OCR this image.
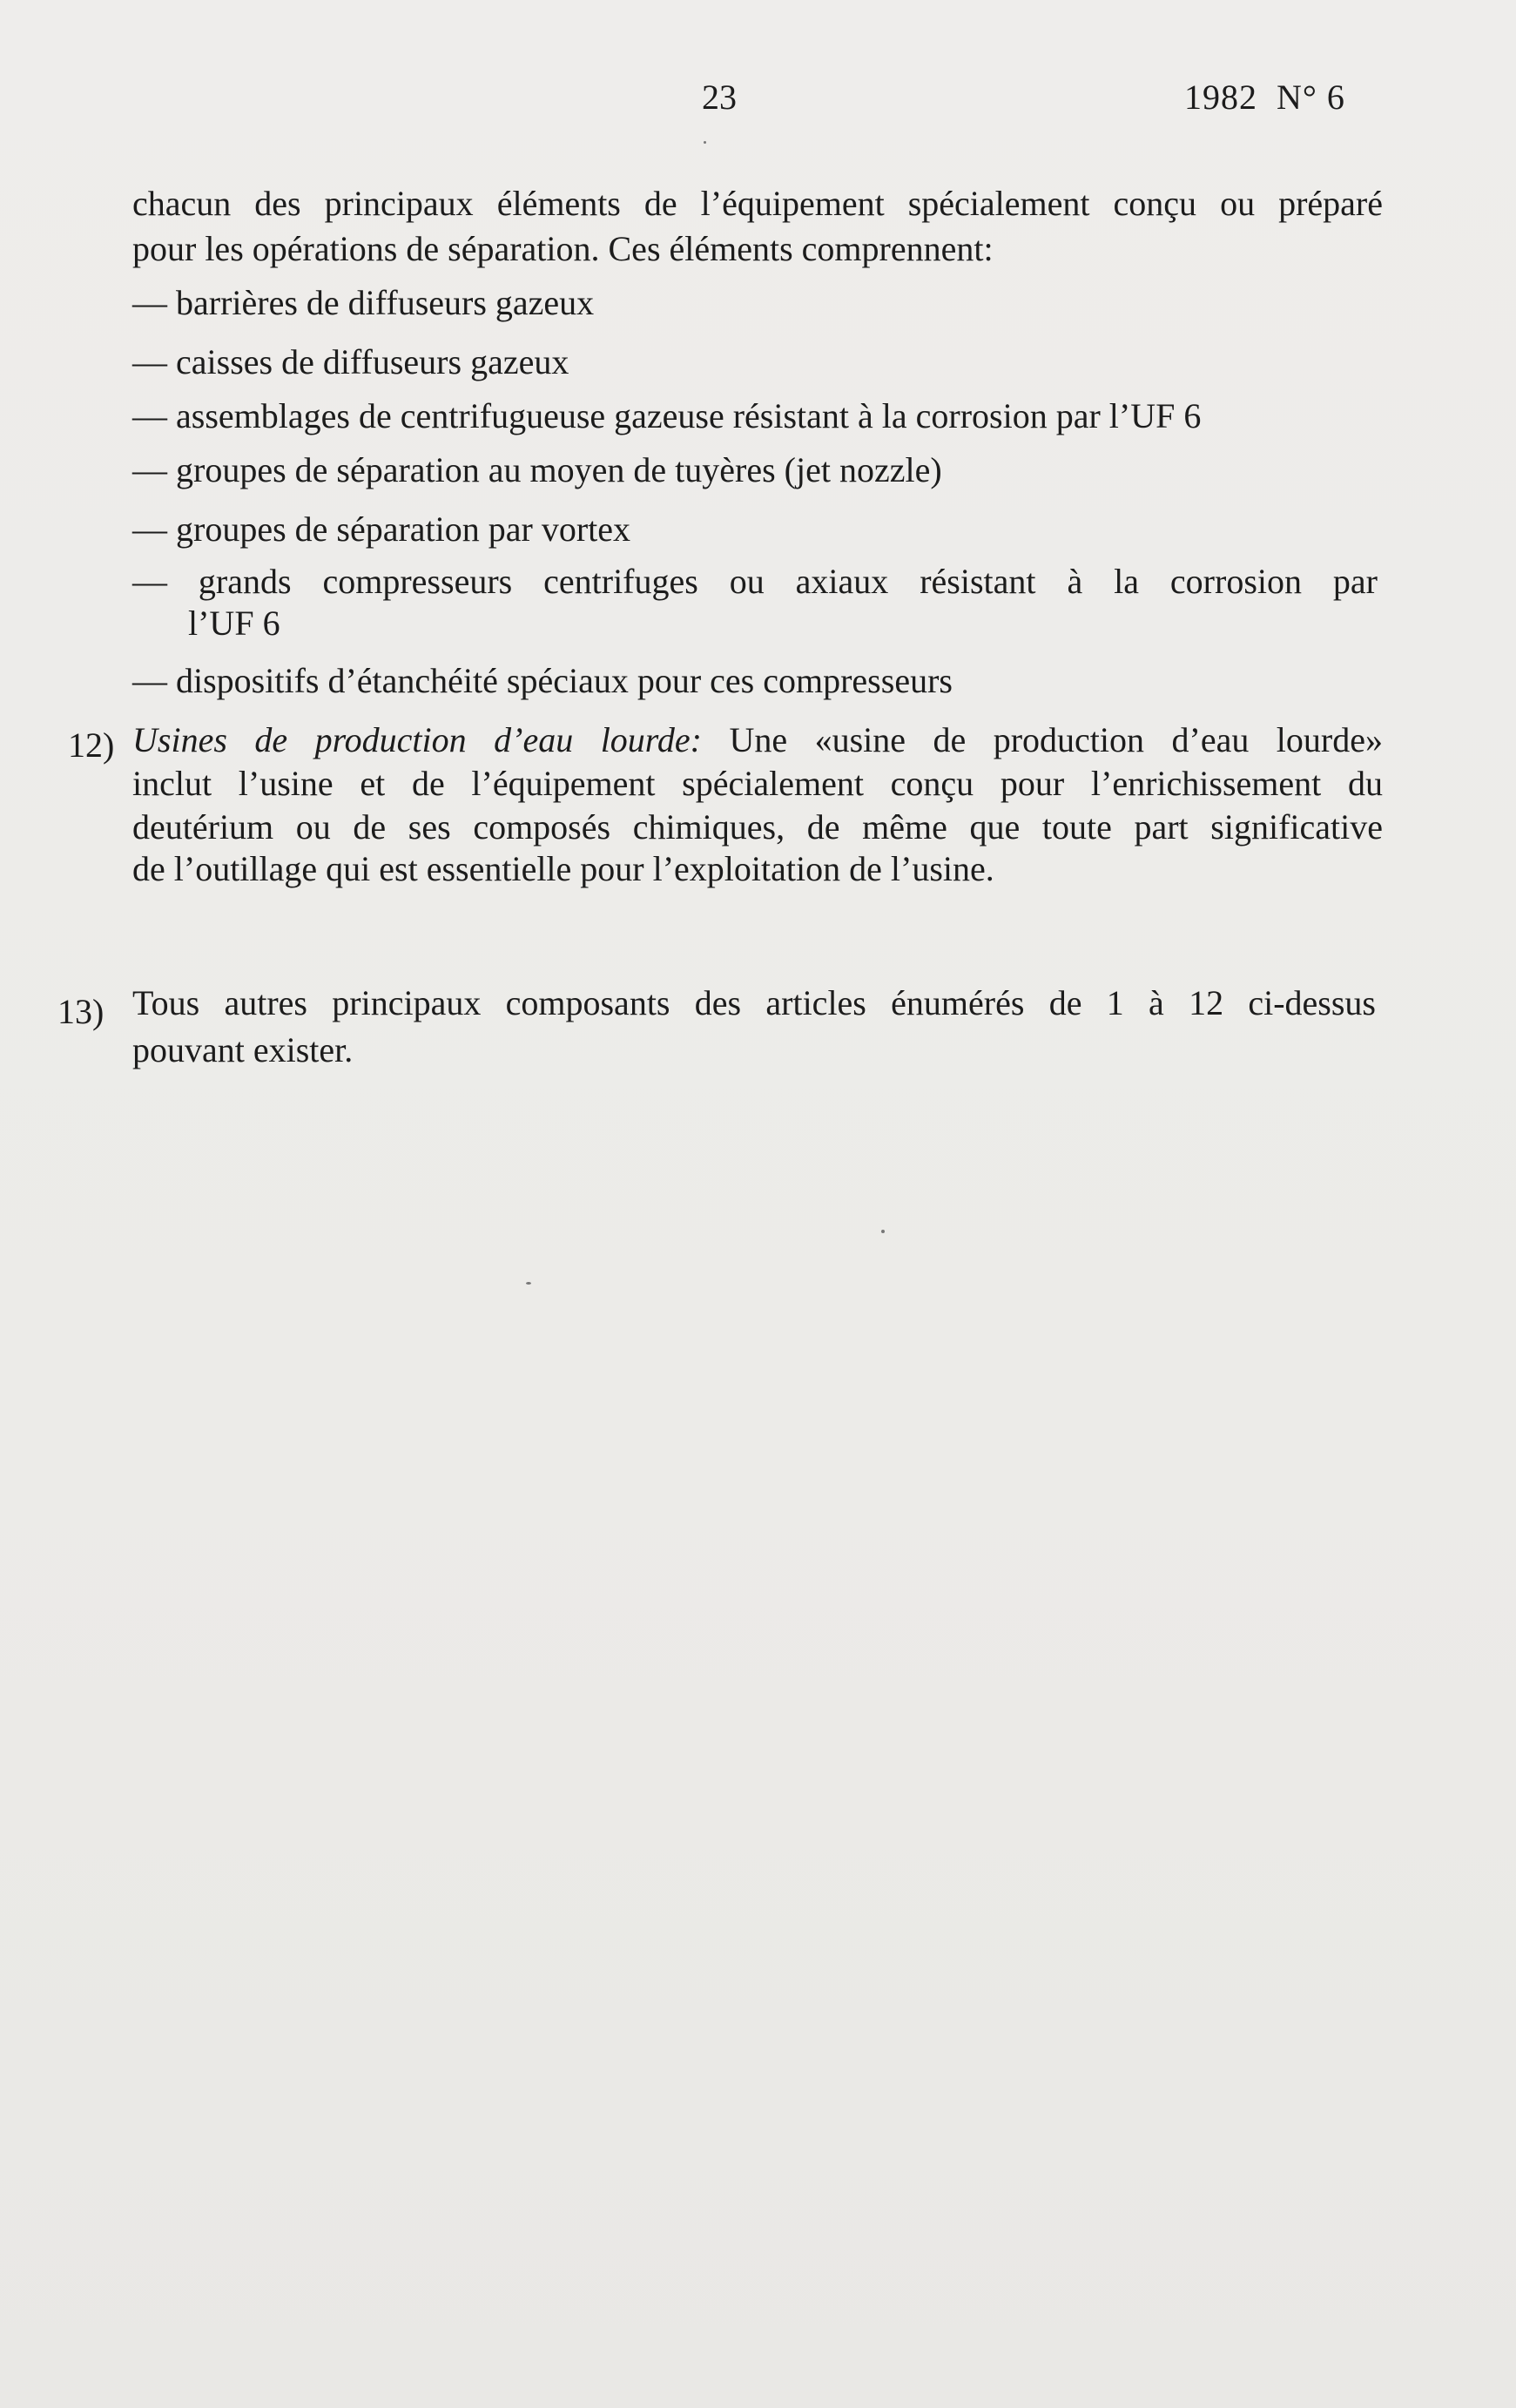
23	1982  N° 6
chacun des principaux éléments de l’équipement spécialement conçu ou préparé
pour les opérations de séparation. Ces éléments comprennent:
— barrières de diffuseurs gazeux
— caisses de diffuseurs gazeux
— assemblages de centrifugueuse gazeuse résistant à la corrosion par l’UF 6
— groupes de séparation au moyen de tuyères (jet nozzle)
— groupes de séparation par vortex
— grands compresseurs centrifuges ou axiaux résistant à la corrosion par
l’UF 6
— dispositifs d’étanchéité spéciaux pour ces compresseurs
12) Usines de production d’eau lourde: Une «usine de production d’eau lourde»
inclut l’usine et de l’équipement spécialement conçu pour l’enrichissement du
deutérium ou de ses composés chimiques, de même que toute part significative
de l’outillage qui est essentielle pour l’exploitation de l’usine.
13) Tous autres principaux composants des articles énumérés de 1 à 12 ci-dessus
pouvant exister.
